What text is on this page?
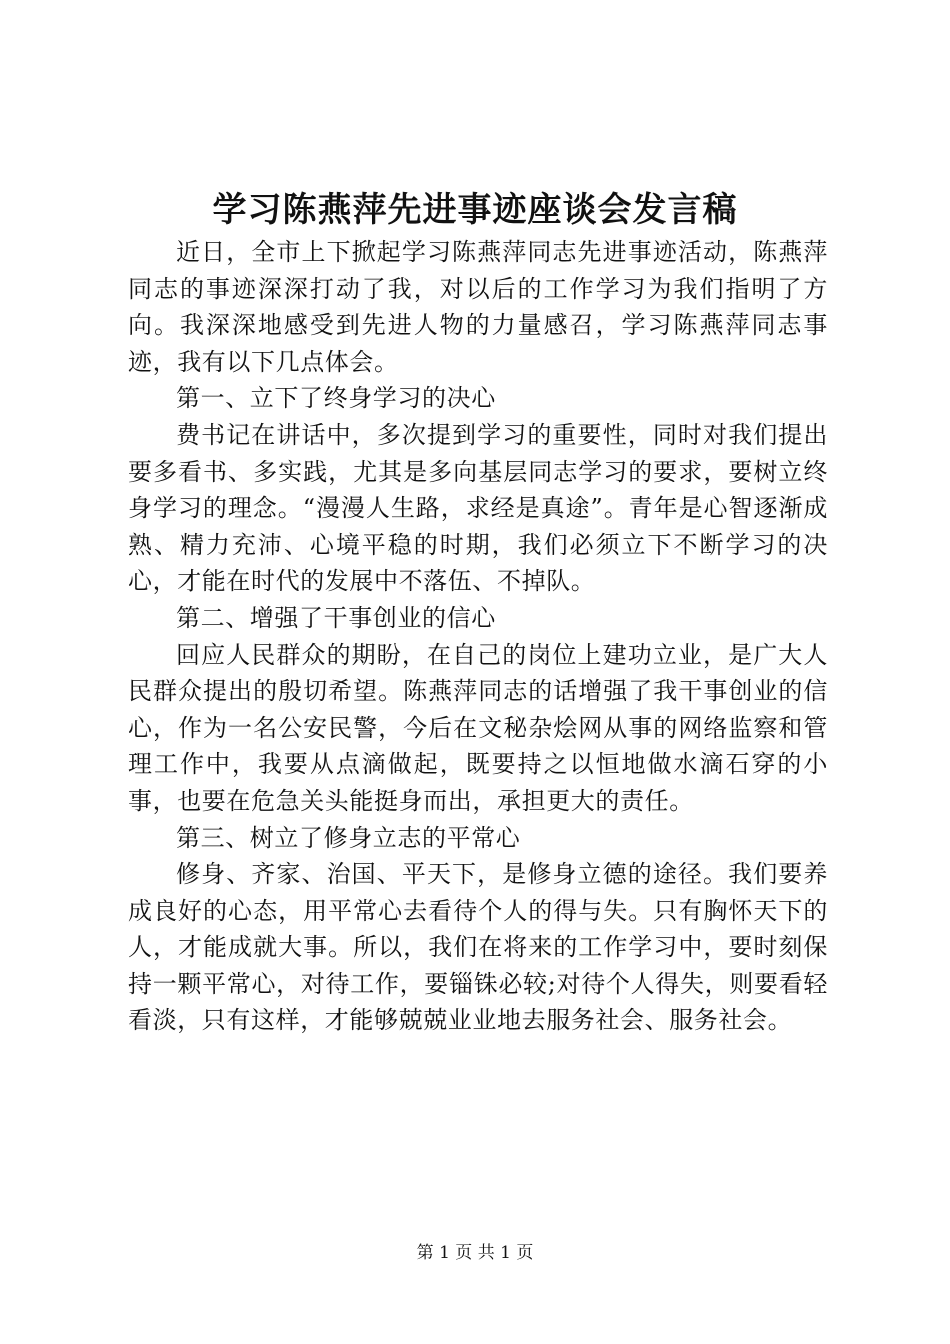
学习陈燕萍先进事迹座谈会发言稿

近日，全市上下掀起学习陈燕萍同志先进事迹活动，陈燕萍同志的事迹深深打动了我，对以后的工作学习为我们指明了方向。我深深地感受到先进人物的力量感召，学习陈燕萍同志事迹，我有以下几点体会。

第一、立下了终身学习的决心

费书记在讲话中，多次提到学习的重要性，同时对我们提出要多看书、多实践，尤其是多向基层同志学习的要求，要树立终身学习的理念。“漫漫人生路，求经是真途”。青年是心智逐渐成熟、精力充沛、心境平稳的时期，我们必须立下不断学习的决心，才能在时代的发展中不落伍、不掉队。

第二、增强了干事创业的信心

回应人民群众的期盼，在自己的岗位上建功立业，是广大人民群众提出的殷切希望。陈燕萍同志的话增强了我干事创业的信心，作为一名公安民警，今后在文秘杂烩网从事的网络监察和管理工作中，我要从点滴做起，既要持之以恒地做水滴石穿的小事，也要在危急关头能挺身而出，承担更大的责任。

第三、树立了修身立志的平常心

修身、齐家、治国、平天下，是修身立德的途径。我们要养成良好的心态，用平常心去看待个人的得与失。只有胸怀天下的人，才能成就大事。所以，我们在将来的工作学习中，要时刻保持一颗平常心，对待工作，要锱铢必较;对待个人得失，则要看轻看淡，只有这样，才能够兢兢业业地去服务社会、服务社会。

第 1 页 共 1 页
